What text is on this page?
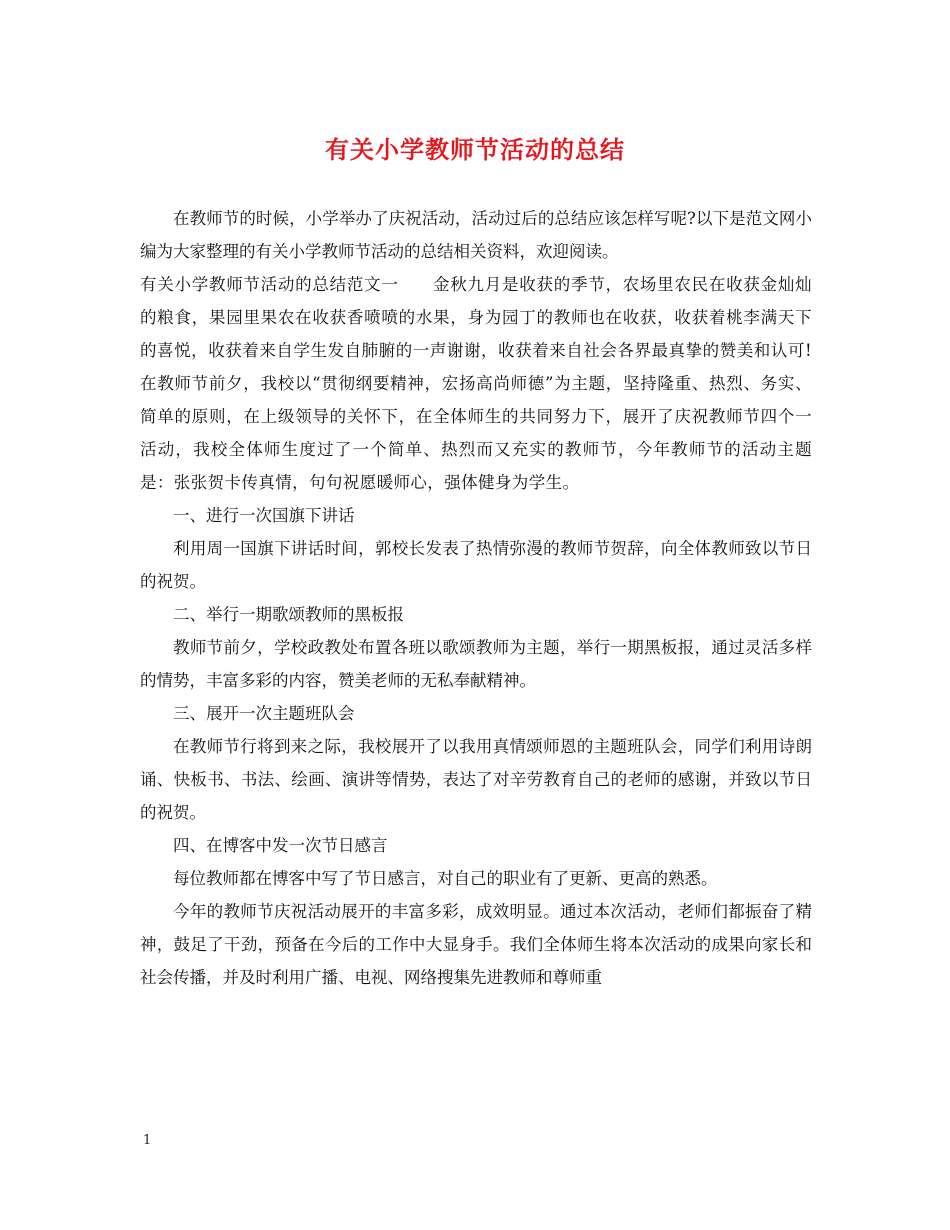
有关小学教师节活动的总结

在教师节的时候，小学举办了庆祝活动，活动过后的总结应该怎样写呢?以下是范文网小编为大家整理的有关小学教师节活动的总结相关资料，欢迎阅读。

有关小学教师节活动的总结范文一　　金秋九月是收获的季节，农场里农民在收获金灿灿的粮食，果园里果农在收获香喷喷的水果，身为园丁的教师也在收获，收获着桃李满天下的喜悦，收获着来自学生发自肺腑的一声谢谢，收获着来自社会各界最真挚的赞美和认可!在教师节前夕，我校以“贯彻纲要精神，宏扬高尚师德”为主题，坚持隆重、热烈、务实、简单的原则，在上级领导的关怀下，在全体师生的共同努力下，展开了庆祝教师节四个一活动，我校全体师生度过了一个简单、热烈而又充实的教师节，今年教师节的活动主题是：张张贺卡传真情，句句祝愿暖师心，强体健身为学生。

一、进行一次国旗下讲话

利用周一国旗下讲话时间，郭校长发表了热情弥漫的教师节贺辞，向全体教师致以节日的祝贺。

二、举行一期歌颂教师的黑板报

教师节前夕，学校政教处布置各班以歌颂教师为主题，举行一期黑板报，通过灵活多样的情势，丰富多彩的内容，赞美老师的无私奉献精神。

三、展开一次主题班队会

在教师节行将到来之际，我校展开了以我用真情颂师恩的主题班队会，同学们利用诗朗诵、快板书、书法、绘画、演讲等情势，表达了对辛劳教育自己的老师的感谢，并致以节日的祝贺。

四、在博客中发一次节日感言

每位教师都在博客中写了节日感言，对自己的职业有了更新、更高的熟悉。

今年的教师节庆祝活动展开的丰富多彩，成效明显。通过本次活动，老师们都振奋了精神，鼓足了干劲，预备在今后的工作中大显身手。我们全体师生将本次活动的成果向家长和社会传播，并及时利用广播、电视、网络搜集先进教师和尊师重

1
